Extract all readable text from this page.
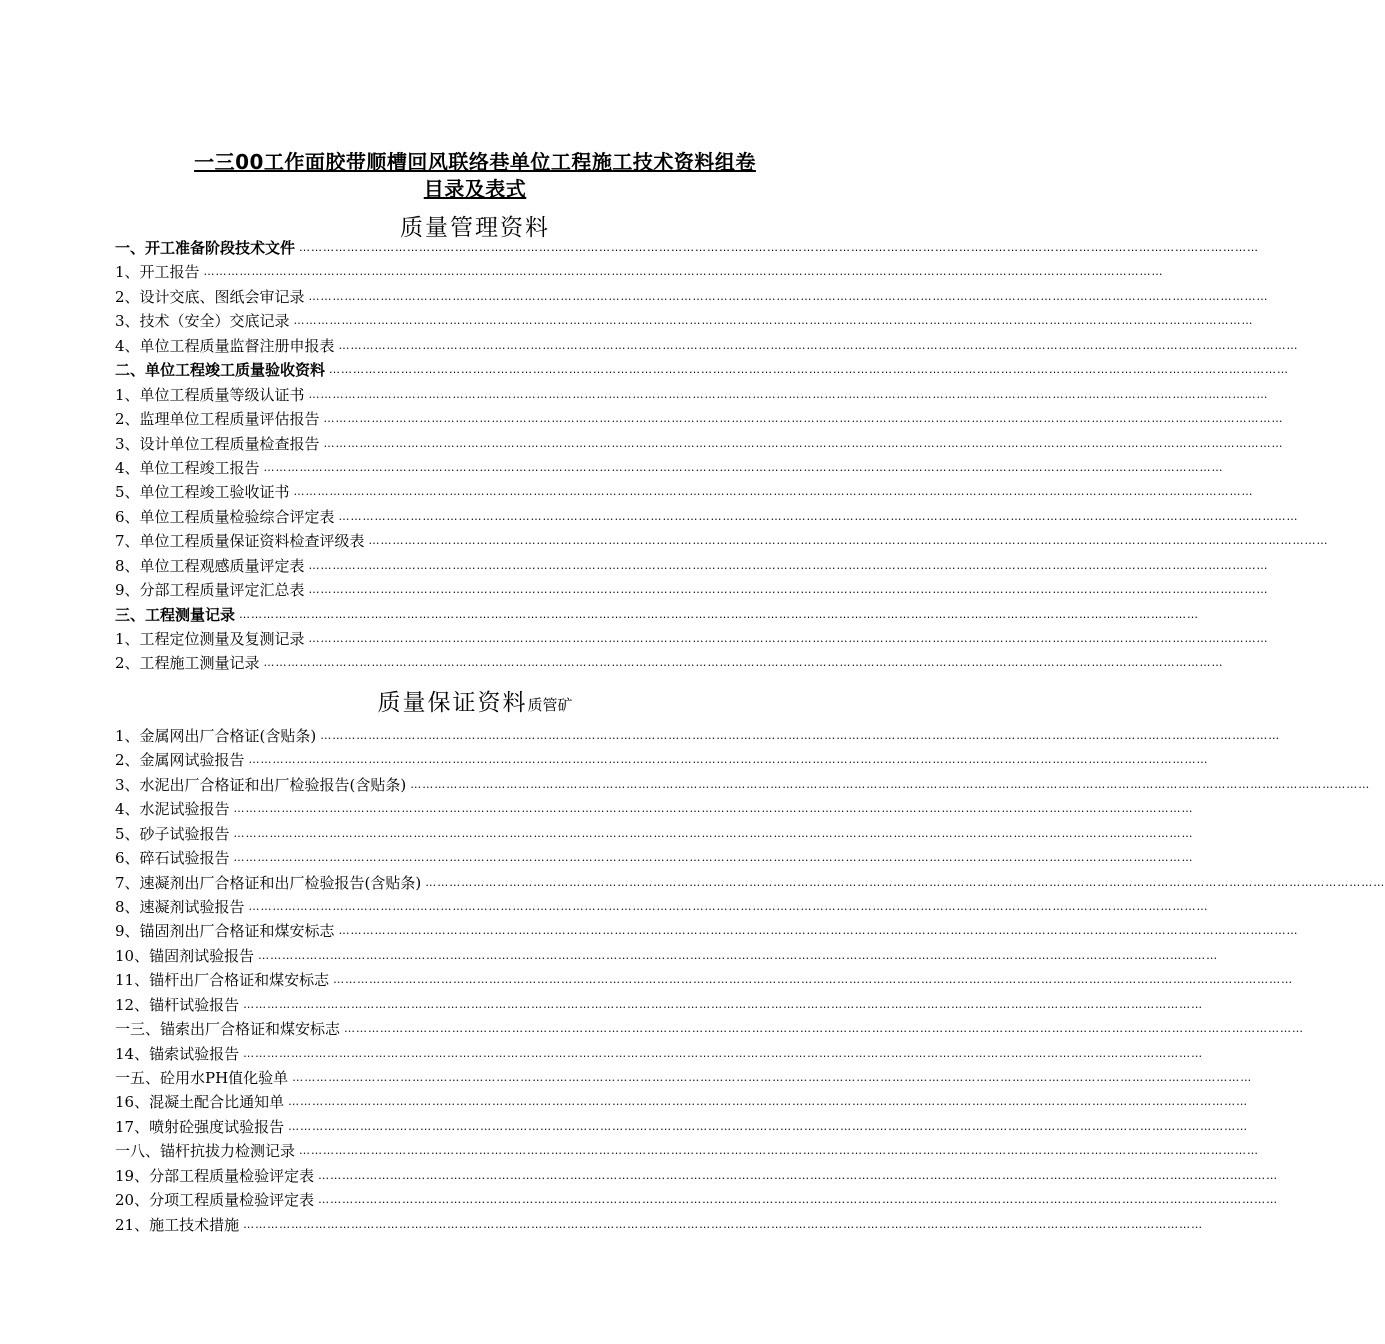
一三00工作面胶带顺槽回风联络巷单位工程施工技术资料组卷
目录及表式
质量管理资料
质量保证资料质管矿
一、开工准备阶段技术文件 ……………………………………………………………………………………………………………………………………………………………………………………………………………………
1、开工报告 ……………………………………………………………………………………………………………………………………………………………………………………………………………………
2、设计交底、图纸会审记录 ……………………………………………………………………………………………………………………………………………………………………………………………………………………
3、技术（安全）交底记录 ……………………………………………………………………………………………………………………………………………………………………………………………………………………
4、单位工程质量监督注册申报表 ……………………………………………………………………………………………………………………………………………………………………………………………………………………
二、单位工程竣工质量验收资料 ……………………………………………………………………………………………………………………………………………………………………………………………………………………
1、单位工程质量等级认证书 ……………………………………………………………………………………………………………………………………………………………………………………………………………………
2、监理单位工程质量评估报告 ……………………………………………………………………………………………………………………………………………………………………………………………………………………
3、设计单位工程质量检查报告 ……………………………………………………………………………………………………………………………………………………………………………………………………………………
4、单位工程竣工报告 ……………………………………………………………………………………………………………………………………………………………………………………………………………………
5、单位工程竣工验收证书 ……………………………………………………………………………………………………………………………………………………………………………………………………………………
6、单位工程质量检验综合评定表 ……………………………………………………………………………………………………………………………………………………………………………………………………………………
7、单位工程质量保证资料检查评级表 ……………………………………………………………………………………………………………………………………………………………………………………………………………………
8、单位工程观感质量评定表 ……………………………………………………………………………………………………………………………………………………………………………………………………………………
9、分部工程质量评定汇总表 ……………………………………………………………………………………………………………………………………………………………………………………………………………………
三、工程测量记录 ……………………………………………………………………………………………………………………………………………………………………………………………………………………
1、工程定位测量及复测记录 ……………………………………………………………………………………………………………………………………………………………………………………………………………………
2、工程施工测量记录 ……………………………………………………………………………………………………………………………………………………………………………………………………………………
1、金属网出厂合格证(含贴条) ……………………………………………………………………………………………………………………………………………………………………………………………………………………
2、金属网试验报告 ……………………………………………………………………………………………………………………………………………………………………………………………………………………
3、水泥出厂合格证和出厂检验报告(含贴条) ……………………………………………………………………………………………………………………………………………………………………………………………………………………
4、水泥试验报告 ……………………………………………………………………………………………………………………………………………………………………………………………………………………
5、砂子试验报告 ……………………………………………………………………………………………………………………………………………………………………………………………………………………
6、碎石试验报告 ……………………………………………………………………………………………………………………………………………………………………………………………………………………
7、速凝剂出厂合格证和出厂检验报告(含贴条) ……………………………………………………………………………………………………………………………………………………………………………………………………………………
8、速凝剂试验报告 ……………………………………………………………………………………………………………………………………………………………………………………………………………………
9、锚固剂出厂合格证和煤安标志 ……………………………………………………………………………………………………………………………………………………………………………………………………………………
10、锚固剂试验报告 ……………………………………………………………………………………………………………………………………………………………………………………………………………………
11、锚杆出厂合格证和煤安标志 ……………………………………………………………………………………………………………………………………………………………………………………………………………………
12、锚杆试验报告 ……………………………………………………………………………………………………………………………………………………………………………………………………………………
一三、锚索出厂合格证和煤安标志 ……………………………………………………………………………………………………………………………………………………………………………………………………………………
14、锚索试验报告 ……………………………………………………………………………………………………………………………………………………………………………………………………………………
一五、砼用水PH值化验单 ……………………………………………………………………………………………………………………………………………………………………………………………………………………
16、混凝土配合比通知单 ……………………………………………………………………………………………………………………………………………………………………………………………………………………
17、喷射砼强度试验报告 ……………………………………………………………………………………………………………………………………………………………………………………………………………………
一八、锚杆抗拔力检测记录 ……………………………………………………………………………………………………………………………………………………………………………………………………………………
19、分部工程质量检验评定表 ……………………………………………………………………………………………………………………………………………………………………………………………………………………
20、分项工程质量检验评定表 ……………………………………………………………………………………………………………………………………………………………………………………………………………………
21、施工技术措施 ……………………………………………………………………………………………………………………………………………………………………………………………………………………
